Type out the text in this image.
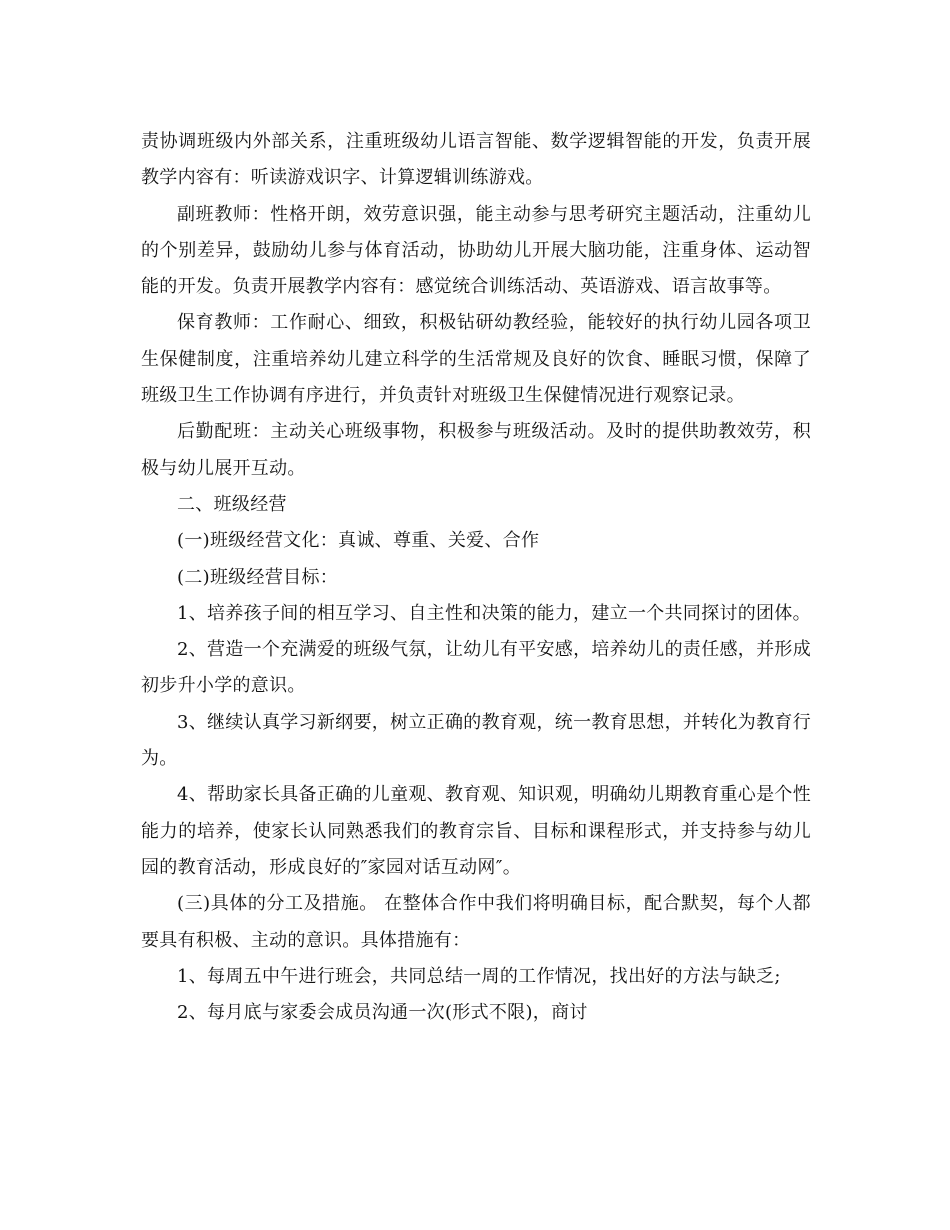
责协调班级内外部关系，注重班级幼儿语言智能、数学逻辑智能的开发，负责开展教学内容有：听读游戏识字、计算逻辑训练游戏。

副班教师：性格开朗，效劳意识强，能主动参与思考研究主题活动，注重幼儿的个别差异，鼓励幼儿参与体育活动，协助幼儿开展大脑功能，注重身体、运动智能的开发。负责开展教学内容有：感觉统合训练活动、英语游戏、语言故事等。

保育教师：工作耐心、细致，积极钻研幼教经验，能较好的执行幼儿园各项卫生保健制度，注重培养幼儿建立科学的生活常规及良好的饮食、睡眠习惯，保障了班级卫生工作协调有序进行，并负责针对班级卫生保健情况进行观察记录。

后勤配班：主动关心班级事物，积极参与班级活动。及时的提供助教效劳，积极与幼儿展开互动。

二、班级经营

(一)班级经营文化：真诚、尊重、关爱、合作

(二)班级经营目标：

1、培养孩子间的相互学习、自主性和决策的能力，建立一个共同探讨的团体。

2、营造一个充满爱的班级气氛，让幼儿有平安感，培养幼儿的责任感，并形成初步升小学的意识。

3、继续认真学习新纲要，树立正确的教育观，统一教育思想，并转化为教育行为。

4、帮助家长具备正确的儿童观、教育观、知识观，明确幼儿期教育重心是个性能力的培养，使家长认同熟悉我们的教育宗旨、目标和课程形式，并支持参与幼儿园的教育活动，形成良好的″家园对话互动网″。

(三)具体的分工及措施。 在整体合作中我们将明确目标，配合默契，每个人都要具有积极、主动的意识。具体措施有：

1、每周五中午进行班会，共同总结一周的工作情况，找出好的方法与缺乏;

2、每月底与家委会成员沟通一次(形式不限)，商讨
